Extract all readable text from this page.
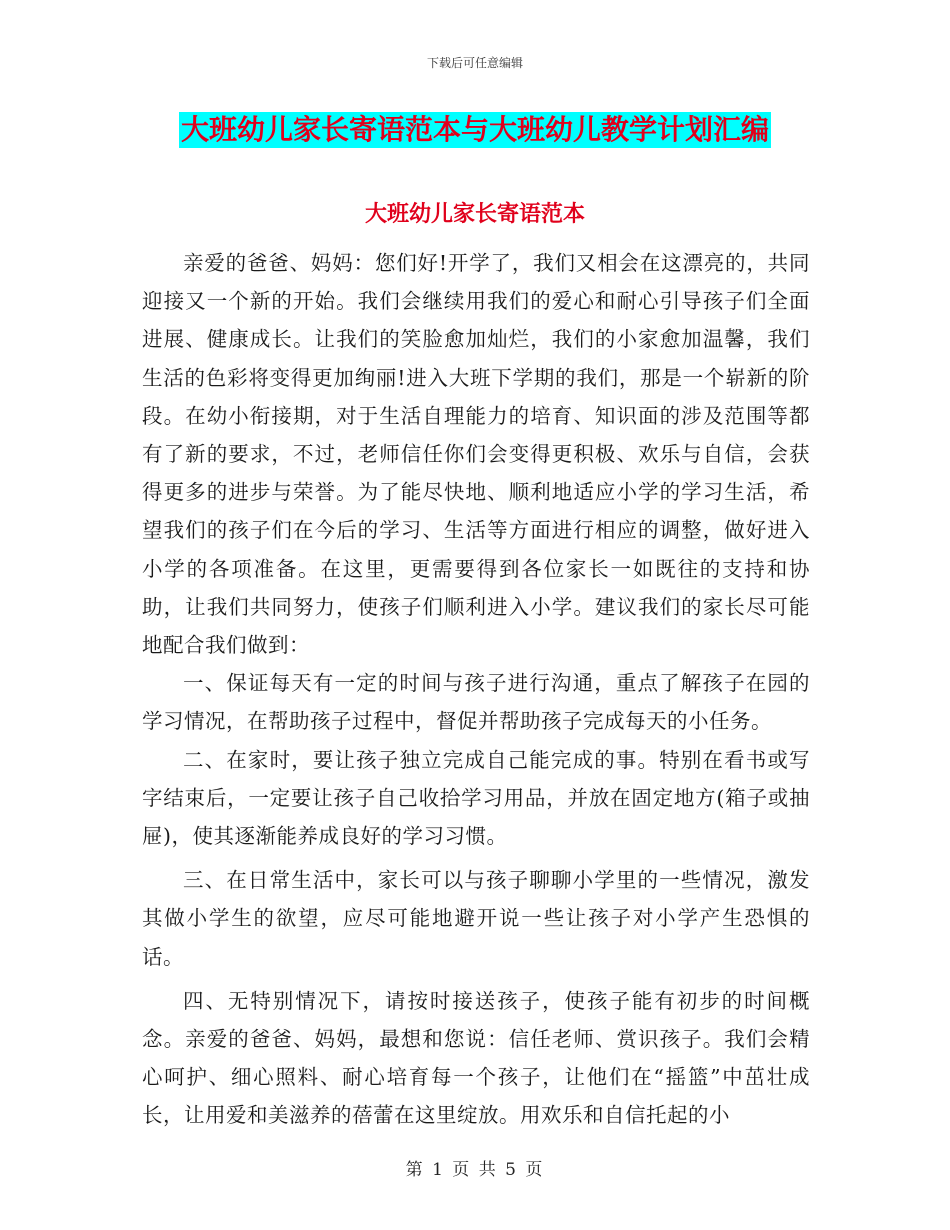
下载后可任意编辑
大班幼儿家长寄语范本与大班幼儿教学计划汇编
大班幼儿家长寄语范本

亲爱的爸爸、妈妈：您们好!开学了，我们又相会在这漂亮的，共同迎接又一个新的开始。我们会继续用我们的爱心和耐心引导孩子们全面进展、健康成长。让我们的笑脸愈加灿烂，我们的小家愈加温馨，我们生活的色彩将变得更加绚丽!进入大班下学期的我们，那是一个崭新的阶段。在幼小衔接期，对于生活自理能力的培育、知识面的涉及范围等都有了新的要求，不过，老师信任你们会变得更积极、欢乐与自信，会获得更多的进步与荣誉。为了能尽快地、顺利地适应小学的学习生活，希望我们的孩子们在今后的学习、生活等方面进行相应的调整，做好进入小学的各项准备。在这里，更需要得到各位家长一如既往的支持和协助，让我们共同努力，使孩子们顺利进入小学。建议我们的家长尽可能地配合我们做到：

一、保证每天有一定的时间与孩子进行沟通，重点了解孩子在园的学习情况，在帮助孩子过程中，督促并帮助孩子完成每天的小任务。

二、在家时，要让孩子独立完成自己能完成的事。特别在看书或写字结束后，一定要让孩子自己收拾学习用品，并放在固定地方(箱子或抽屉)，使其逐渐能养成良好的学习习惯。

三、在日常生活中，家长可以与孩子聊聊小学里的一些情况，激发其做小学生的欲望，应尽可能地避开说一些让孩子对小学产生恐惧的话。

四、无特别情况下，请按时接送孩子，使孩子能有初步的时间概念。亲爱的爸爸、妈妈，最想和您说：信任老师、赏识孩子。我们会精心呵护、细心照料、耐心培育每一个孩子，让他们在“摇篮”中茁壮成长，让用爱和美滋养的蓓蕾在这里绽放。用欢乐和自信托起的小

第 1 页 共 5 页
